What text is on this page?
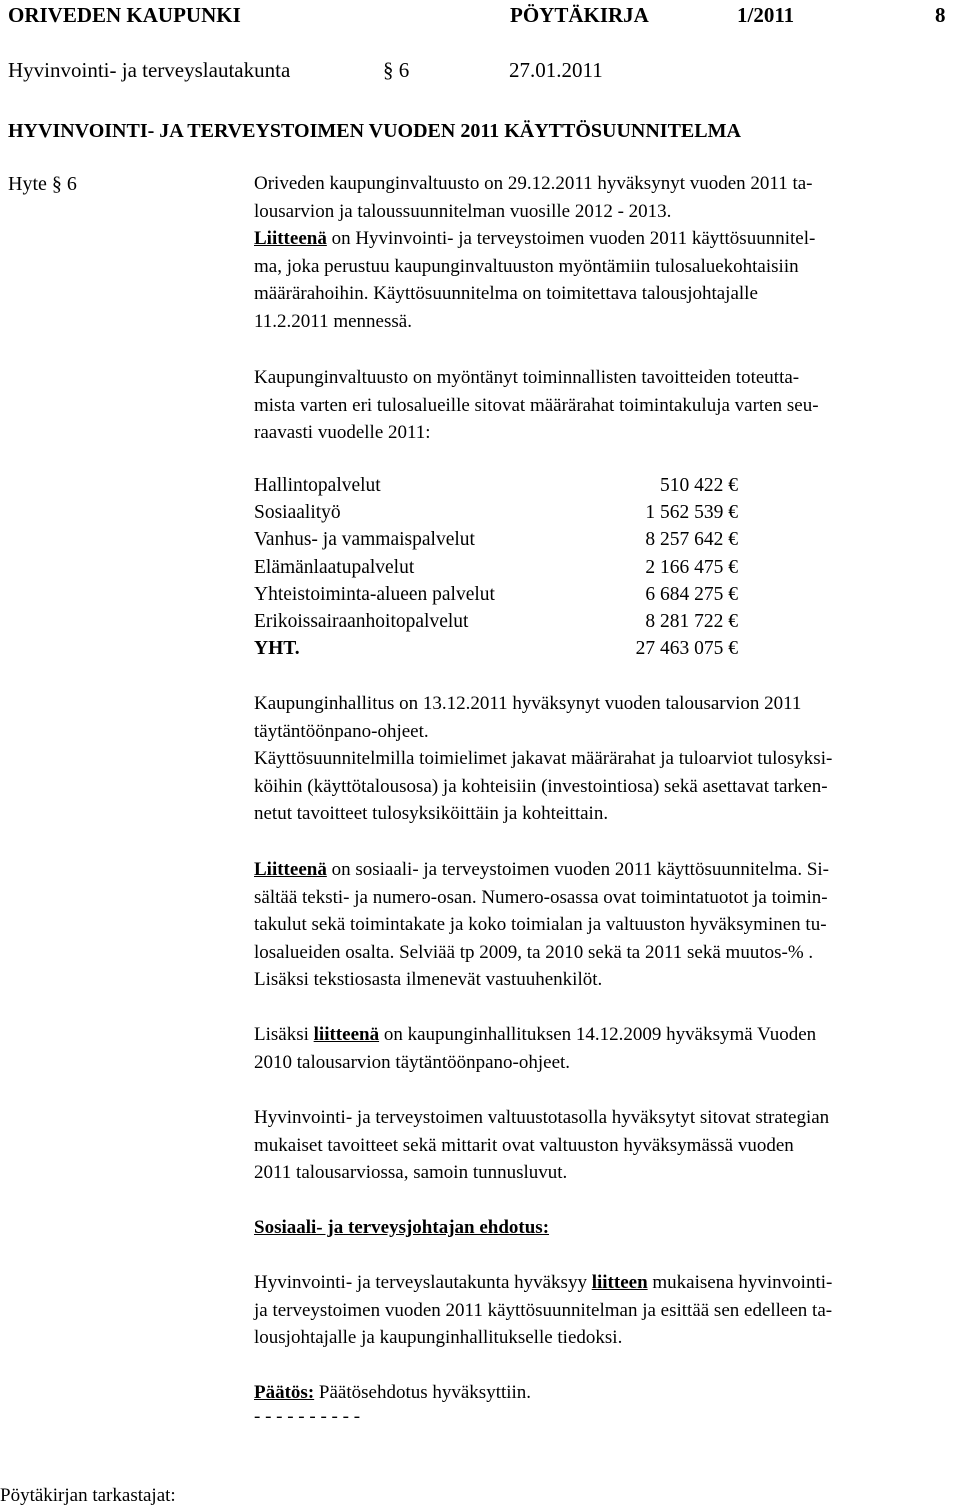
ORIVEDEN KAUPUNKI	PÖYTÄKIRJA	1/2011	8
Hyvinvointi- ja terveyslautakunta	§ 6	27.01.2011
HYVINVOINTI- JA TERVEYSTOIMEN VUODEN 2011 KÄYTTÖSUUNNITELMA
Hyte § 6	Oriveden kaupunginvaltuusto on 29.12.2011 hyväksynyt vuoden 2011 ta-
lousarvion ja taloussuunnitelman vuosille 2012 - 2013.
Liitteenä on Hyvinvointi- ja terveystoimen vuoden 2011 käyttösuunnitel-
ma, joka perustuu kaupunginvaltuuston myöntämiin tulosaluekohtaisiin
määrärahoihin. Käyttösuunnitelma on toimitettava talousjohtajalle
11.2.2011 mennessä.
Kaupunginvaltuusto on myöntänyt toiminnallisten tavoitteiden toteutta-
mista varten eri tulosalueille sitovat määrärahat toimintakuluja varten seu-
raavasti vuodelle 2011:
Hallintopalvelut	510 422 €
Sosiaalityö	1 562 539 €
Vanhus- ja vammaispalvelut	8 257 642 €
Elämänlaatupalvelut	2 166 475 €
Yhteistoiminta-alueen palvelut	6 684 275 €
Erikoissairaanhoitopalvelut	8 281 722 €
YHT.	27 463 075 €
Kaupunginhallitus on 13.12.2011 hyväksynyt vuoden talousarvion 2011
täytäntöönpano-ohjeet.
Käyttösuunnitelmilla toimielimet jakavat määrärahat ja tuloarviot tulosyksi-
köihin (käyttötalousosa) ja kohteisiin (investointiosa) sekä asettavat tarken-
netut tavoitteet tulosyksiköittäin ja kohteittain.
Liitteenä on sosiaali- ja terveystoimen vuoden 2011 käyttösuunnitelma. Si-
sältää teksti- ja numero-osan. Numero-osassa ovat toimintatuotot ja toimin-
takulut sekä toimintakate ja koko toimialan ja valtuuston hyväksyminen tu-
losalueiden osalta. Selviää tp 2009, ta 2010 sekä ta 2011 sekä muutos-% .
Lisäksi tekstiosasta ilmenevät vastuuhenkilöt.
Lisäksi liitteenä on kaupunginhallituksen 14.12.2009 hyväksymä Vuoden
2010 talousarvion täytäntöönpano-ohjeet.
Hyvinvointi- ja terveystoimen valtuustotasolla hyväksytyt sitovat strategian
mukaiset tavoitteet sekä mittarit ovat valtuuston hyväksymässä vuoden
2011 talousarviossa, samoin tunnusluvut.
Sosiaali- ja terveysjohtajan ehdotus:
Hyvinvointi- ja terveyslautakunta hyväksyy liitteen mukaisena hyvinvointi-
ja terveystoimen vuoden 2011 käyttösuunnitelman ja esittää sen edelleen ta-
lousjohtajalle ja kaupunginhallitukselle tiedoksi.
Päätös: Päätösehdotus hyväksyttiin.
- - - - - - - - - -
Pöytäkirjan tarkastajat:
